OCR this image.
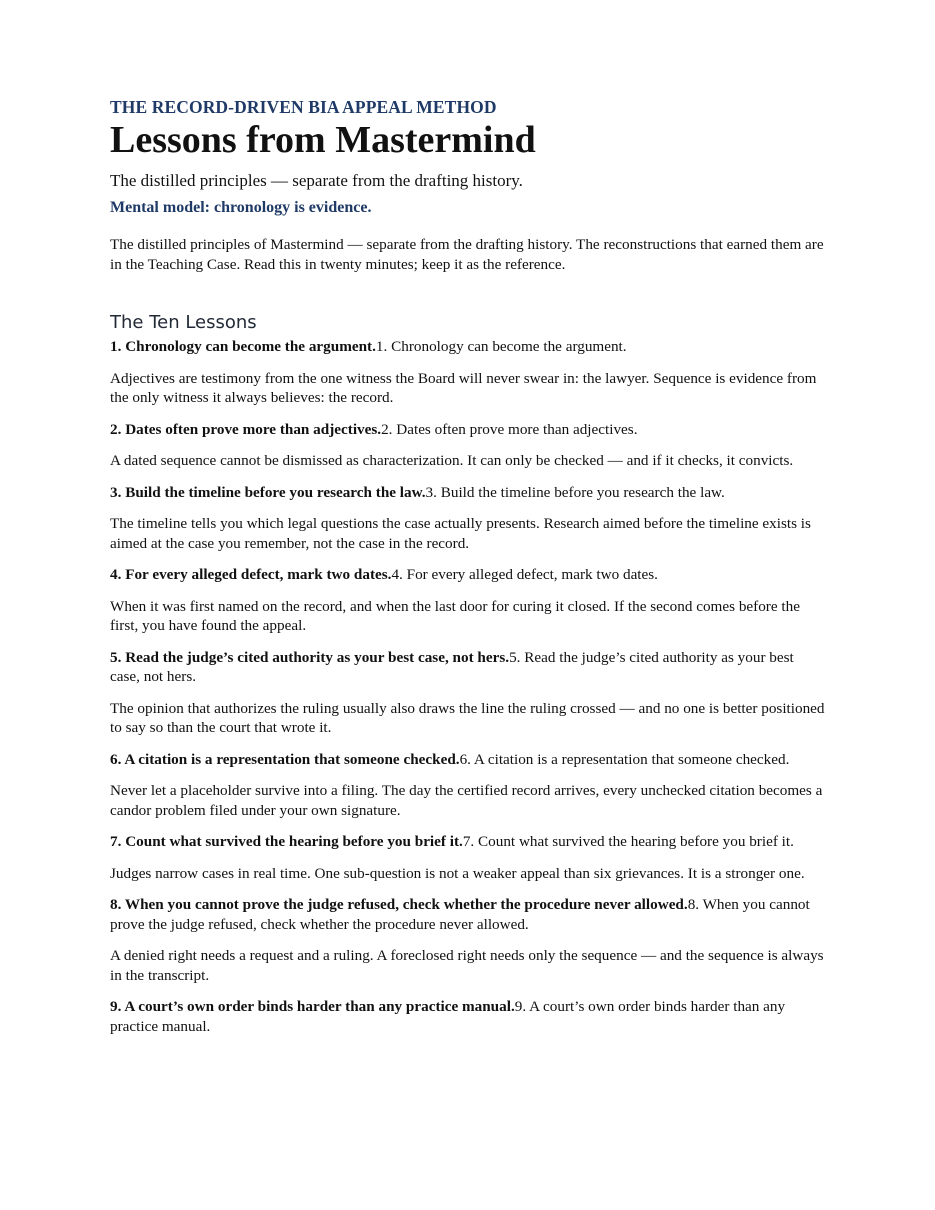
THE RECORD-DRIVEN BIA APPEAL METHOD

Lessons from Mastermind

The distilled principles — separate from the drafting history.

Mental model: chronology is evidence.

The distilled principles of Mastermind — separate from the drafting history. The reconstructions that earned them are in the Teaching Case. Read this in twenty minutes; keep it as the reference.

The Ten Lessons

1. Chronology can become the argument.1. Chronology can become the argument.

Adjectives are testimony from the one witness the Board will never swear in: the lawyer. Sequence is evidence from the only witness it always believes: the record.

2. Dates often prove more than adjectives.2. Dates often prove more than adjectives.

A dated sequence cannot be dismissed as characterization. It can only be checked — and if it checks, it convicts.

3. Build the timeline before you research the law.3. Build the timeline before you research the law.

The timeline tells you which legal questions the case actually presents. Research aimed before the timeline exists is aimed at the case you remember, not the case in the record.

4. For every alleged defect, mark two dates.4. For every alleged defect, mark two dates.

When it was first named on the record, and when the last door for curing it closed. If the second comes before the first, you have found the appeal.

5. Read the judge’s cited authority as your best case, not hers.5. Read the judge’s cited authority as your best case, not hers.

The opinion that authorizes the ruling usually also draws the line the ruling crossed — and no one is better positioned to say so than the court that wrote it.

6. A citation is a representation that someone checked.6. A citation is a representation that someone checked.

Never let a placeholder survive into a filing. The day the certified record arrives, every unchecked citation becomes a candor problem filed under your own signature.

7. Count what survived the hearing before you brief it.7. Count what survived the hearing before you brief it.

Judges narrow cases in real time. One sub-question is not a weaker appeal than six grievances. It is a stronger one.

8. When you cannot prove the judge refused, check whether the procedure never allowed.8. When you cannot prove the judge refused, check whether the procedure never allowed.

A denied right needs a request and a ruling. A foreclosed right needs only the sequence — and the sequence is always in the transcript.

9. A court’s own order binds harder than any practice manual.9. A court’s own order binds harder than any practice manual.
